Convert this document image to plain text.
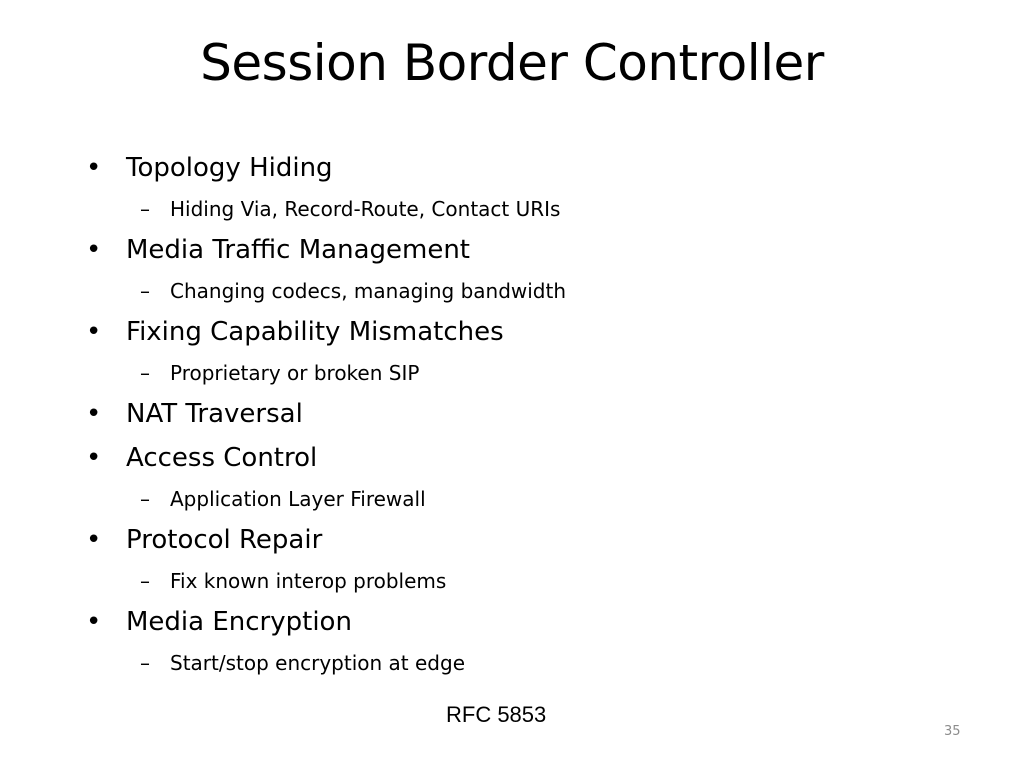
Session Border Controller
• Topology Hiding
– Hiding Via, Record-Route, Contact URIs
• Media Traffic Management
– Changing codecs, managing bandwidth
• Fixing Capability Mismatches
– Proprietary or broken SIP
• NAT Traversal
• Access Control
– Application Layer Firewall
• Protocol Repair
– Fix known interop problems
• Media Encryption
– Start/stop encryption at edge
RFC 5853
35
